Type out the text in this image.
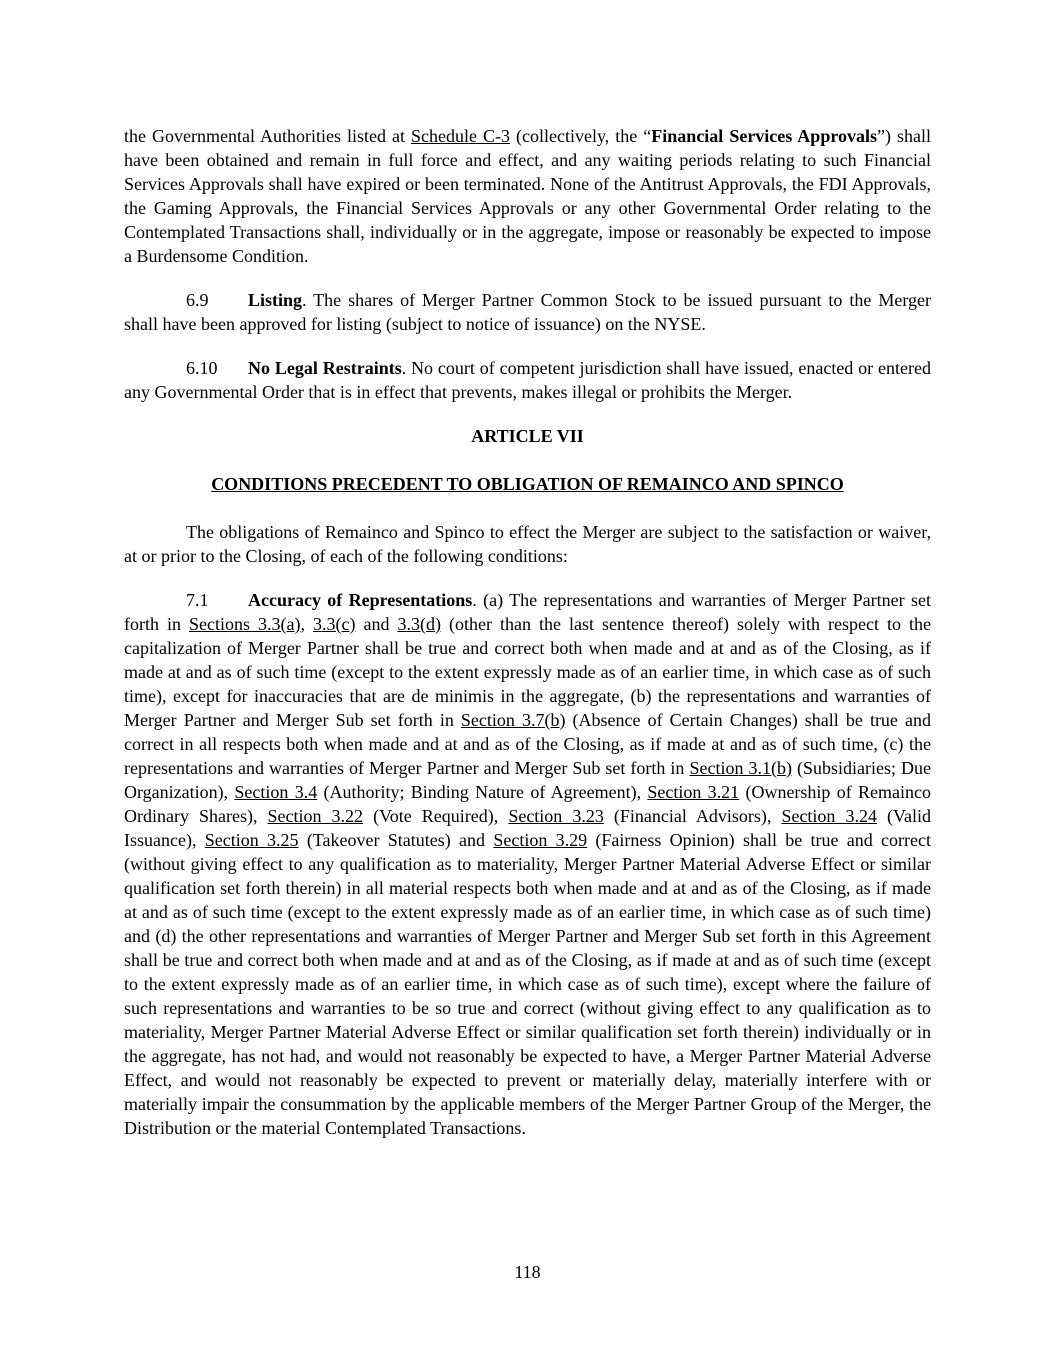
the Governmental Authorities listed at Schedule C-3 (collectively, the “Financial Services Approvals”) shall have been obtained and remain in full force and effect, and any waiting periods relating to such Financial Services Approvals shall have expired or been terminated. None of the Antitrust Approvals, the FDI Approvals, the Gaming Approvals, the Financial Services Approvals or any other Governmental Order relating to the Contemplated Transactions shall, individually or in the aggregate, impose or reasonably be expected to impose a Burdensome Condition.

6.9 Listing. The shares of Merger Partner Common Stock to be issued pursuant to the Merger shall have been approved for listing (subject to notice of issuance) on the NYSE.

6.10 No Legal Restraints. No court of competent jurisdiction shall have issued, enacted or entered any Governmental Order that is in effect that prevents, makes illegal or prohibits the Merger.

ARTICLE VII
CONDITIONS PRECEDENT TO OBLIGATION OF REMAINCO AND SPINCO

The obligations of Remainco and Spinco to effect the Merger are subject to the satisfaction or waiver, at or prior to the Closing, of each of the following conditions:

7.1 Accuracy of Representations. (a) The representations and warranties of Merger Partner set forth in Sections 3.3(a), 3.3(c) and 3.3(d) (other than the last sentence thereof) solely with respect to the capitalization of Merger Partner shall be true and correct both when made and at and as of the Closing, as if made at and as of such time (except to the extent expressly made as of an earlier time, in which case as of such time), except for inaccuracies that are de minimis in the aggregate, (b) the representations and warranties of Merger Partner and Merger Sub set forth in Section 3.7(b) (Absence of Certain Changes) shall be true and correct in all respects both when made and at and as of the Closing, as if made at and as of such time, (c) the representations and warranties of Merger Partner and Merger Sub set forth in Section 3.1(b) (Subsidiaries; Due Organization), Section 3.4 (Authority; Binding Nature of Agreement), Section 3.21 (Ownership of Remainco Ordinary Shares), Section 3.22 (Vote Required), Section 3.23 (Financial Advisors), Section 3.24 (Valid Issuance), Section 3.25 (Takeover Statutes) and Section 3.29 (Fairness Opinion) shall be true and correct (without giving effect to any qualification as to materiality, Merger Partner Material Adverse Effect or similar qualification set forth therein) in all material respects both when made and at and as of the Closing, as if made at and as of such time (except to the extent expressly made as of an earlier time, in which case as of such time) and (d) the other representations and warranties of Merger Partner and Merger Sub set forth in this Agreement shall be true and correct both when made and at and as of the Closing, as if made at and as of such time (except to the extent expressly made as of an earlier time, in which case as of such time), except where the failure of such representations and warranties to be so true and correct (without giving effect to any qualification as to materiality, Merger Partner Material Adverse Effect or similar qualification set forth therein) individually or in the aggregate, has not had, and would not reasonably be expected to have, a Merger Partner Material Adverse Effect, and would not reasonably be expected to prevent or materially delay, materially interfere with or materially impair the consummation by the applicable members of the Merger Partner Group of the Merger, the Distribution or the material Contemplated Transactions.

118
